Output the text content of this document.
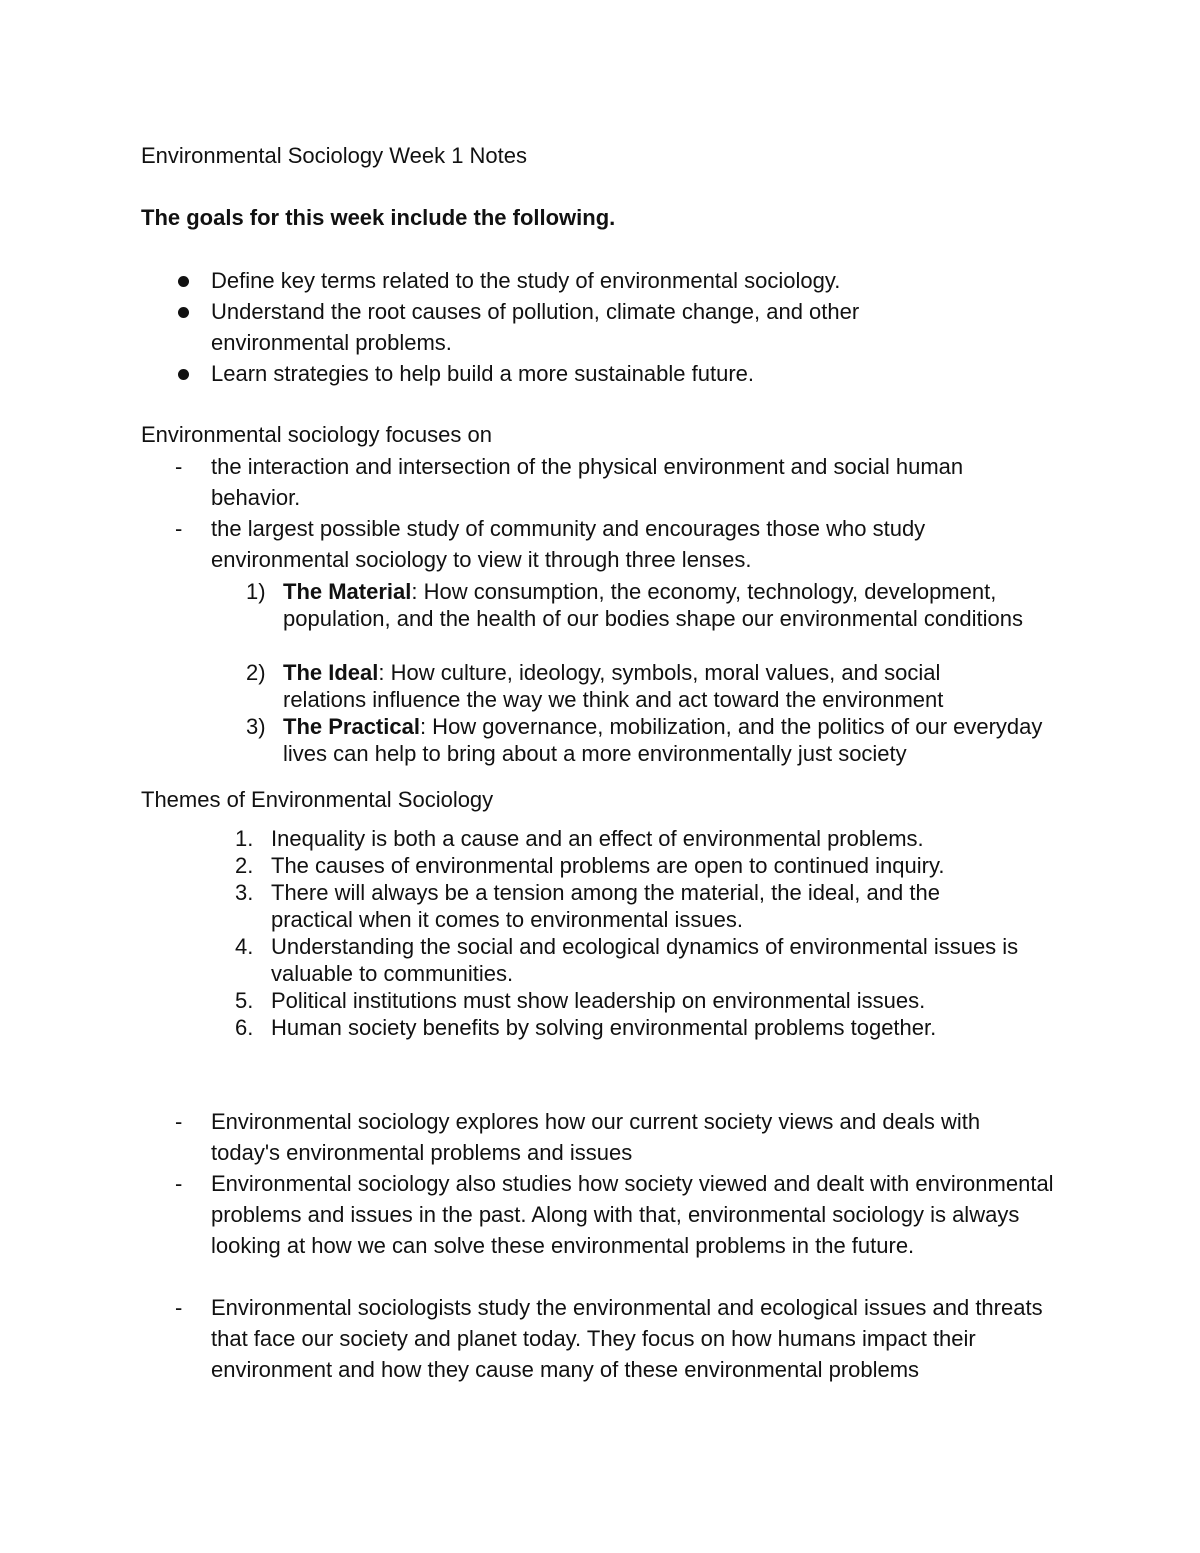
Environmental Sociology Week 1 Notes
The goals for this week include the following.
Define key terms related to the study of environmental sociology.
Understand the root causes of pollution, climate change, and other environmental problems.
Learn strategies to help build a more sustainable future.
Environmental sociology focuses on
- the interaction and intersection of the physical environment and social human behavior.
- the largest possible study of community and encourages those who study environmental sociology to view it through three lenses.
1) The Material: How consumption, the economy, technology, development, population, and the health of our bodies shape our environmental conditions
2) The Ideal: How culture, ideology, symbols, moral values, and social relations influence the way we think and act toward the environment
3) The Practical: How governance, mobilization, and the politics of our everyday lives can help to bring about a more environmentally just society
Themes of Environmental Sociology
1. Inequality is both a cause and an effect of environmental problems.
2. The causes of environmental problems are open to continued inquiry.
3. There will always be a tension among the material, the ideal, and the practical when it comes to environmental issues.
4. Understanding the social and ecological dynamics of environmental issues is valuable to communities.
5. Political institutions must show leadership on environmental issues.
6. Human society benefits by solving environmental problems together.
- Environmental sociology explores how our current society views and deals with today's environmental problems and issues
- Environmental sociology also studies how society viewed and dealt with environmental problems and issues in the past. Along with that, environmental sociology is always looking at how we can solve these environmental problems in the future.
- Environmental sociologists study the environmental and ecological issues and threats that face our society and planet today. They focus on how humans impact their environment and how they cause many of these environmental problems
